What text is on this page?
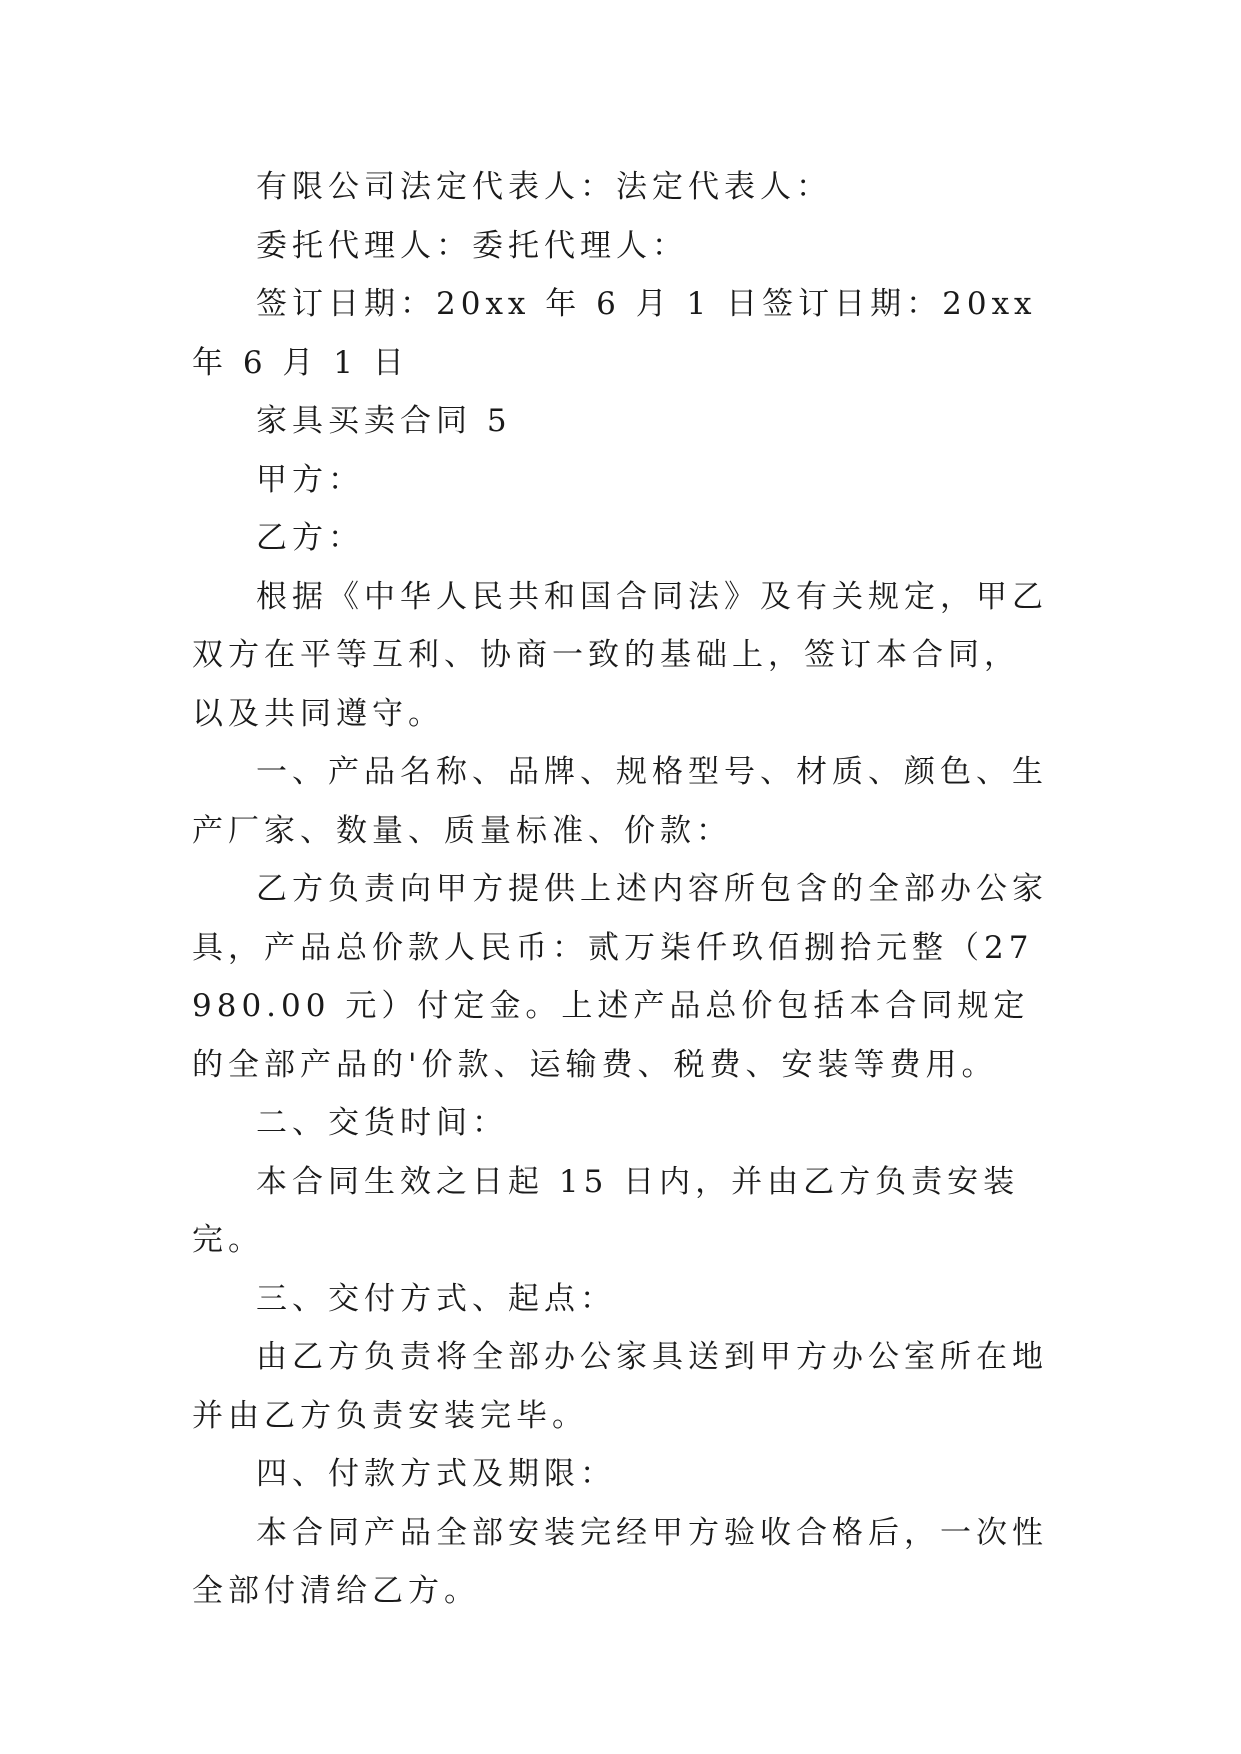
有限公司法定代表人：法定代表人：

委托代理人：委托代理人：

签订日期：20xx 年 6 月 1 日签订日期：20xx 年 6 月 1 日

家具买卖合同 5

甲方：

乙方：

根据《中华人民共和国合同法》及有关规定，甲乙双方在平等互利、协商一致的基础上，签订本合同，以及共同遵守。

一、产品名称、品牌、规格型号、材质、颜色、生产厂家、数量、质量标准、价款：

乙方负责向甲方提供上述内容所包含的全部办公家具，产品总价款人民币：贰万柒仟玖佰捌拾元整（27980.00 元）付定金。上述产品总价包括本合同规定的全部产品的'价款、运输费、税费、安装等费用。

二、交货时间：

本合同生效之日起 15 日内，并由乙方负责安装完。

三、交付方式、起点：

由乙方负责将全部办公家具送到甲方办公室所在地并由乙方负责安装完毕。

四、付款方式及期限：

本合同产品全部安装完经甲方验收合格后，一次性全部付清给乙方。
